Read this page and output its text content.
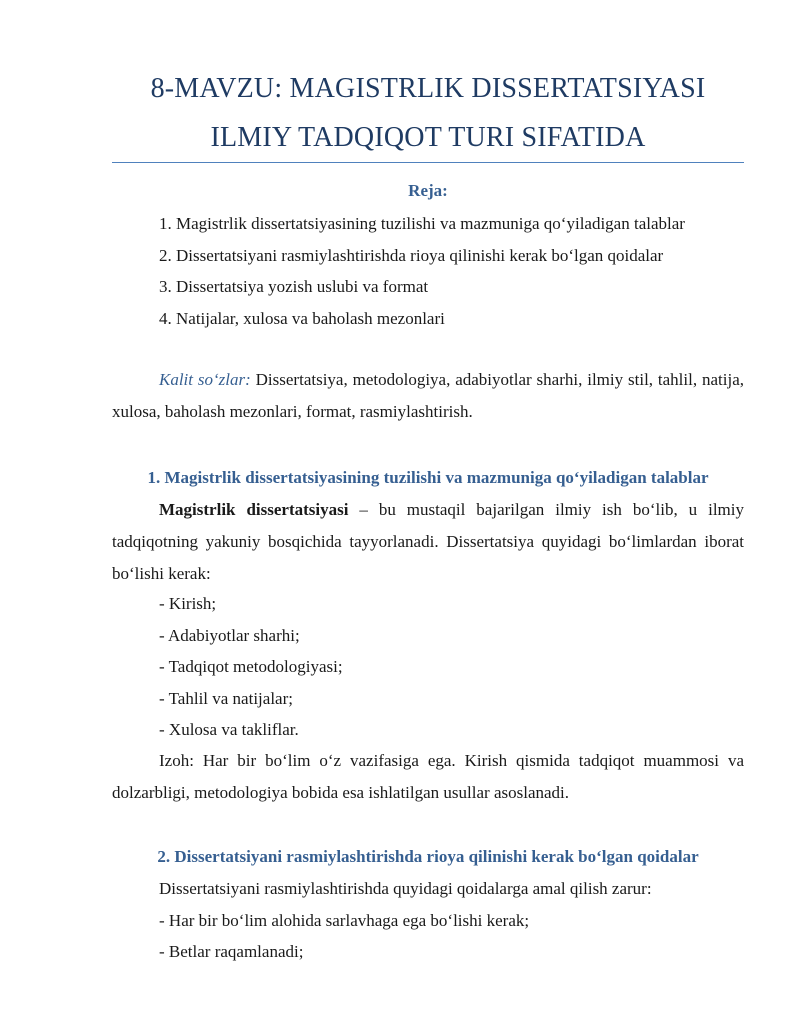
8-MAVZU: MAGISTRLIK DISSERTATSIYASI
ILMIY TADQIQOT TURI SIFATIDA
Reja:
1. Magistrlik dissertatsiyasining tuzilishi va mazmuniga qo‘yiladigan talablar
2. Dissertatsiyani rasmiylashtirishda rioya qilinishi kerak bo‘lgan qoidalar
3. Dissertatsiya yozish uslubi va format
4. Natijalar, xulosa va baholash mezonlari
Kalit so‘zlar: Dissertatsiya, metodologiya, adabiyotlar sharhi, ilmiy stil, tahlil, natija, xulosa, baholash mezonlari, format, rasmiylashtirish.
1. Magistrlik dissertatsiyasining tuzilishi va mazmuniga qo‘yiladigan talablar
Magistrlik dissertatsiyasi – bu mustaqil bajarilgan ilmiy ish bo‘lib, u ilmiy tadqiqotning yakuniy bosqichida tayyorlanadi. Dissertatsiya quyidagi bo‘limlardan iborat bo‘lishi kerak:
- Kirish;
- Adabiyotlar sharhi;
- Tadqiqot metodologiyasi;
- Tahlil va natijalar;
- Xulosa va takliflar.
Izoh: Har bir bo‘lim o‘z vazifasiga ega. Kirish qismida tadqiqot muammosi va dolzarbligi, metodologiya bobida esa ishlatilgan usullar asoslanadi.
2. Dissertatsiyani rasmiylashtirishda rioya qilinishi kerak bo‘lgan qoidalar
Dissertatsiyani rasmiylashtirishda quyidagi qoidalarga amal qilish zarur:
- Har bir bo‘lim alohida sarlavhaga ega bo‘lishi kerak;
- Betlar raqamlanadi;
